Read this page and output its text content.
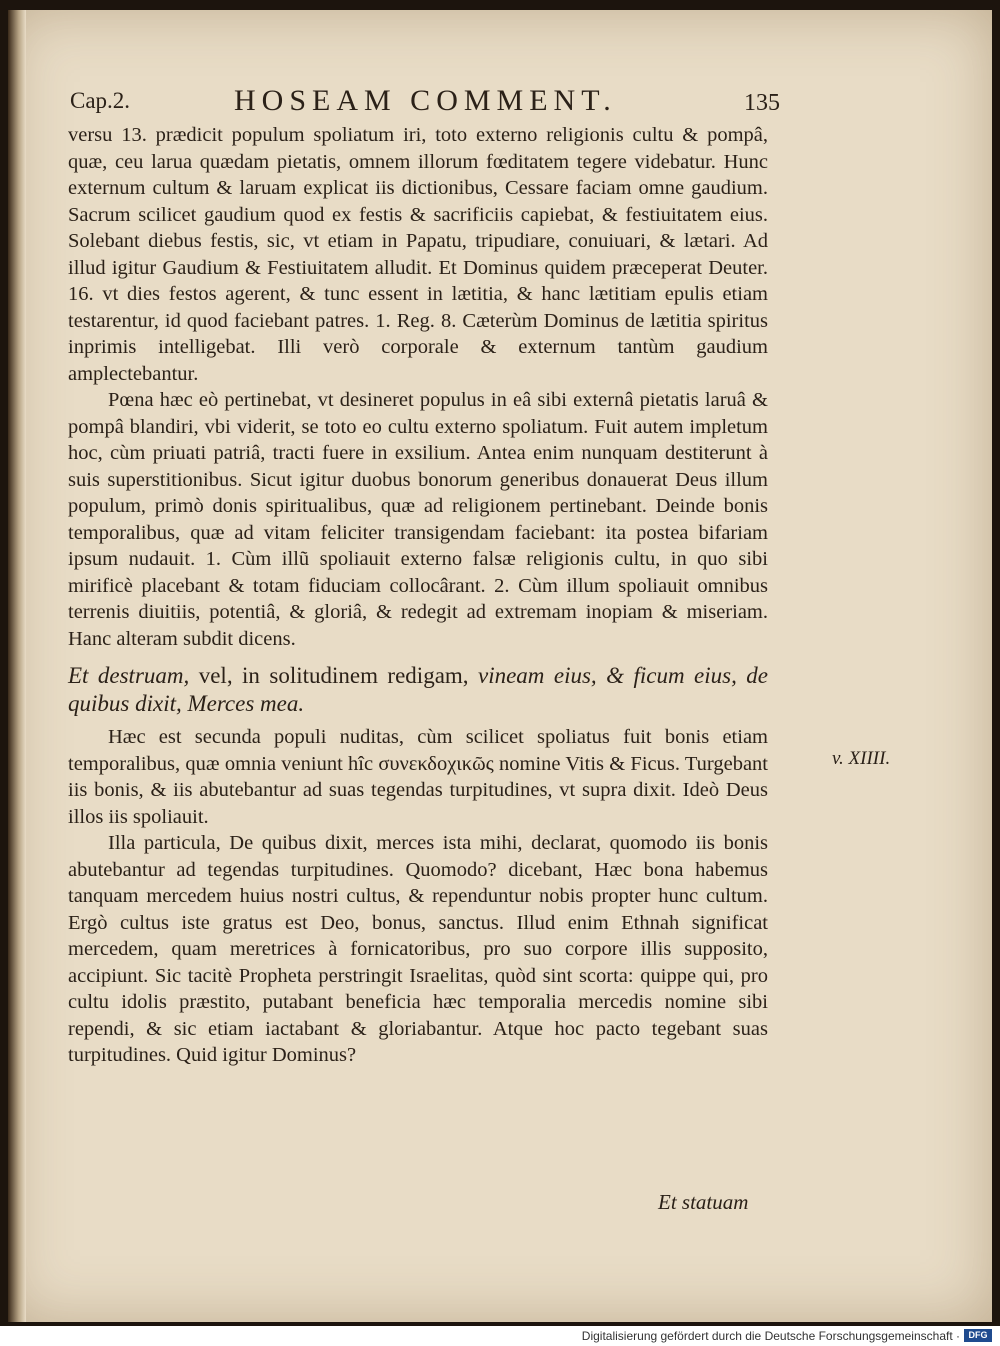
Cap.2.	HOSEAM COMMENT.	135

versu 13. prædicit populum spoliatum iri, toto externo religionis cultu & pompâ, quæ, ceu larua quædam pietatis, omnem illorum fœditatem tegere videbatur. Hunc externum cultum & laruam explicat iis dictionibus, Cessare faciam omne gaudium. Sacrum scilicet gaudium quod ex festis & sacrificiis capiebat, & festiuitatem eius. Solebant diebus festis, sic, vt etiam in Papatu, tripudiare, conuiuari, & lætari. Ad illud igitur Gaudium & Festiuitatem alludit. Et Dominus quidem præceperat Deuter. 16. vt dies festos agerent, & tunc essent in lætitia, & hanc lætitiam epulis etiam testarentur, id quod faciebant patres. 1. Reg. 8. Cæterùm Dominus de lætitia spiritus inprimis intelligebat. Illi verò corporale & externum tantùm gaudium amplectebantur.

Pœna hæc eò pertinebat, vt desineret populus in eâ sibi externâ pietatis laruâ & pompâ blandiri, vbi viderit, se toto eo cultu externo spoliatum. Fuit autem impletum hoc, cùm priuati patriâ, tracti fuere in exsilium. Antea enim nunquam destiterunt à suis superstitionibus. Sicut igitur duobus bonorum generibus donauerat Deus illum populum, primò donis spiritualibus, quæ ad religionem pertinebant. Deinde bonis temporalibus, quæ ad vitam feliciter transigendam faciebant: ita postea bifariam ipsum nudauit. 1. Cùm illũ spoliauit externo falsæ religionis cultu, in quo sibi mirificè placebant & totam fiduciam collocârant. 2. Cùm illum spoliauit omnibus terrenis diuitiis, potentiâ, & gloriâ, & redegit ad extremam inopiam & miseriam. Hanc alteram subdit dicens.

Et destruam, vel, in solitudinem redigam, vineam eius, & ficum eius, de quibus dixit, Merces mea.

Hæc est secunda populi nuditas, cùm scilicet spoliatus fuit bonis etiam temporalibus, quæ omnia veniunt hîc συνεκδοχικῶς nomine Vitis & Ficus. Turgebant iis bonis, & iis abutebantur ad suas tegendas turpitudines, vt supra dixit. Ideò Deus illos iis spoliauit.

Illa particula, De quibus dixit, merces ista mihi, declarat, quomodo iis bonis abutebantur ad tegendas turpitudines. Quomodo? dicebant, Hæc bona habemus tanquam mercedem huius nostri cultus, & rependuntur nobis propter hunc cultum. Ergò cultus iste gratus est Deo, bonus, sanctus. Illud enim Ethnah significat mercedem, quam meretrices à fornicatoribus, pro suo corpore illis supposito, accipiunt. Sic tacitè Propheta perstringit Israelitas, quòd sint scorta: quippe qui, pro cultu idolis præstito, putabant beneficia hæc temporalia mercedis nomine sibi rependi, & sic etiam iactabant & gloriabantur. Atque hoc pacto tegebant suas turpitudines. Quid igitur Dominus?

v. XIIII.
Et statuam
Digitalisierung gefördert durch die Deutsche Forschungsgemeinschaft · DFG
